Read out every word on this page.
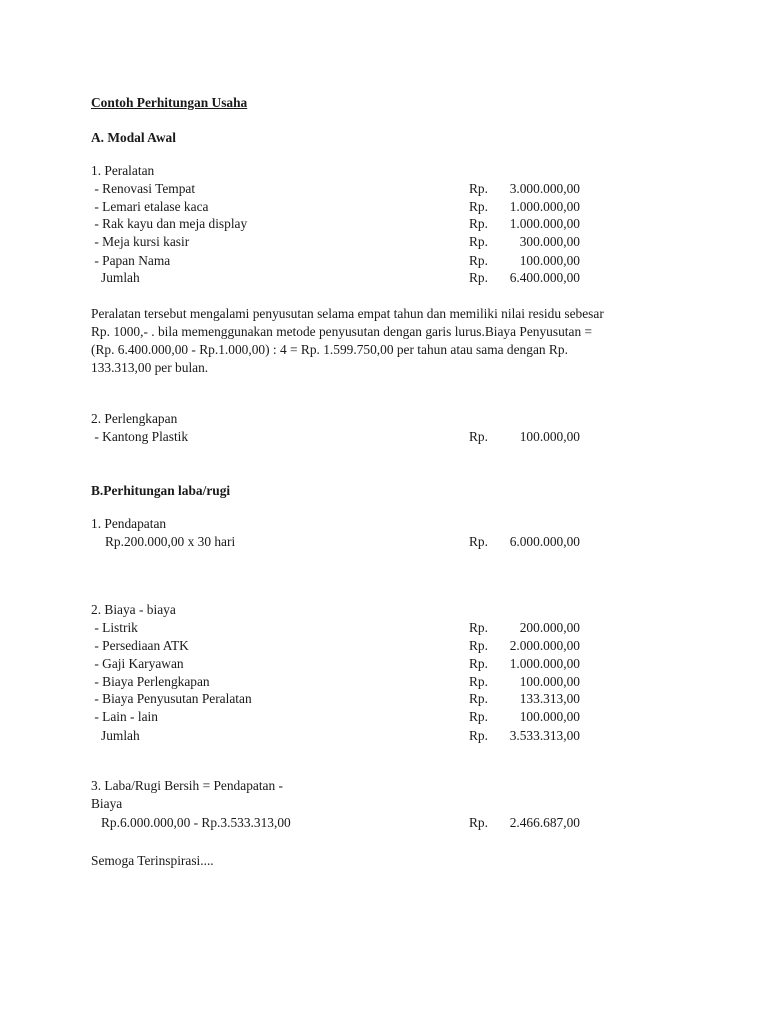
Contoh Perhitungan Usaha
A. Modal Awal
1. Peralatan
- Renovasi Tempat	Rp.	3.000.000,00
- Lemari etalase kaca	Rp.	1.000.000,00
- Rak kayu dan meja display	Rp.	1.000.000,00
- Meja kursi kasir	Rp.	300.000,00
- Papan Nama	Rp.	100.000,00
Jumlah	Rp.	6.400.000,00
Peralatan tersebut mengalami penyusutan selama empat tahun dan memiliki nilai residu sebesar
Rp. 1000,- . bila memenggunakan metode penyusutan dengan garis lurus.Biaya Penyusutan =
(Rp. 6.400.000,00 - Rp.1.000,00) : 4 = Rp. 1.599.750,00 per tahun atau sama dengan Rp.
133.313,00 per bulan.
2. Perlengkapan
- Kantong Plastik	Rp.	100.000,00
B.Perhitungan laba/rugi
1. Pendapatan
Rp.200.000,00 x 30 hari	Rp.	6.000.000,00
2. Biaya - biaya
- Listrik	Rp.	200.000,00
- Persediaan ATK	Rp.	2.000.000,00
- Gaji Karyawan	Rp.	1.000.000,00
- Biaya Perlengkapan	Rp.	100.000,00
- Biaya Penyusutan Peralatan	Rp.	133.313,00
- Lain - lain	Rp.	100.000,00
Jumlah	Rp.	3.533.313,00
3. Laba/Rugi Bersih = Pendapatan -
Biaya
Rp.6.000.000,00 - Rp.3.533.313,00	Rp.	2.466.687,00
Semoga Terinspirasi....
